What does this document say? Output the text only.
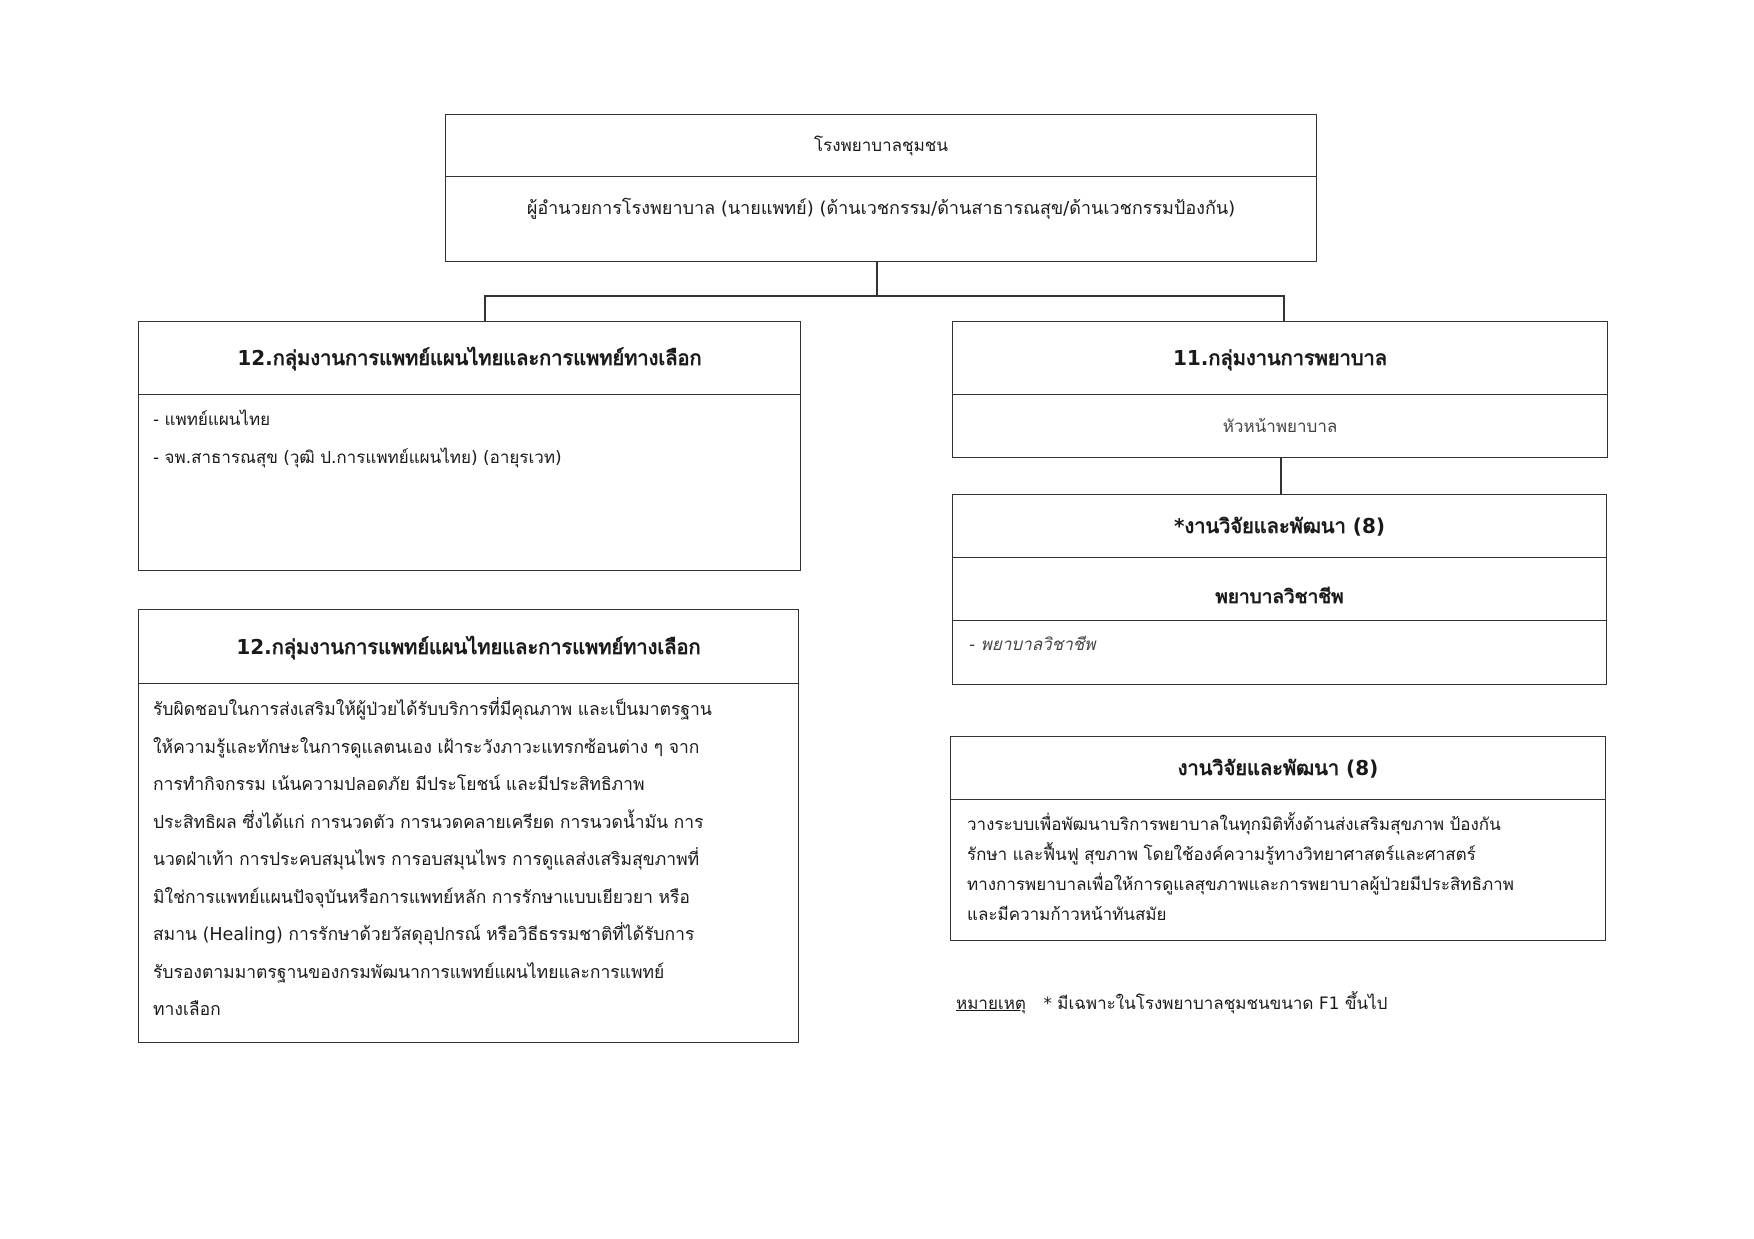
โรงพยาบาลชุมชน
ผู้อำนวยการโรงพยาบาล (นายแพทย์) (ด้านเวชกรรม/ด้านสาธารณสุข/ด้านเวชกรรมป้องกัน)
12.กลุ่มงานการแพทย์แผนไทยและการแพทย์ทางเลือก
- แพทย์แผนไทย
- จพ.สาธารณสุข (วุฒิ ป.การแพทย์แผนไทย) (อายุรเวท)
12.กลุ่มงานการแพทย์แผนไทยและการแพทย์ทางเลือก
รับผิดชอบในการส่งเสริมให้ผู้ป่วยได้รับบริการที่มีคุณภาพ และเป็นมาตรฐาน
ให้ความรู้และทักษะในการดูแลตนเอง เฝ้าระวังภาวะแทรกซ้อนต่าง ๆ จาก
การทำกิจกรรม เน้นความปลอดภัย มีประโยชน์ และมีประสิทธิภาพ
ประสิทธิผล ซึ่งได้แก่ การนวดตัว การนวดคลายเครียด การนวดน้ำมัน การ
นวดฝ่าเท้า การประคบสมุนไพร การอบสมุนไพร การดูแลส่งเสริมสุขภาพที่
มิใช่การแพทย์แผนปัจจุบันหรือการแพทย์หลัก การรักษาแบบเยียวยา หรือ
สมาน (Healing) การรักษาด้วยวัสดุอุปกรณ์ หรือวิธีธรรมชาติที่ได้รับการ
รับรองตามมาตรฐานของกรมพัฒนาการแพทย์แผนไทยและการแพทย์
ทางเลือก
11.กลุ่มงานการพยาบาล
หัวหน้าพยาบาล
*งานวิจัยและพัฒนา (8)
พยาบาลวิชาชีพ
- พยาบาลวิชาชีพ
งานวิจัยและพัฒนา (8)
วางระบบเพื่อพัฒนาบริการพยาบาลในทุกมิติทั้งด้านส่งเสริมสุขภาพ ป้องกัน
รักษา และฟื้นฟู สุขภาพ โดยใช้องค์ความรู้ทางวิทยาศาสตร์และศาสตร์
ทางการพยาบาลเพื่อให้การดูแลสุขภาพและการพยาบาลผู้ป่วยมีประสิทธิภาพ
และมีความก้าวหน้าทันสมัย
หมายเหตุ * มีเฉพาะในโรงพยาบาลชุมชนขนาด F1 ขึ้นไป
